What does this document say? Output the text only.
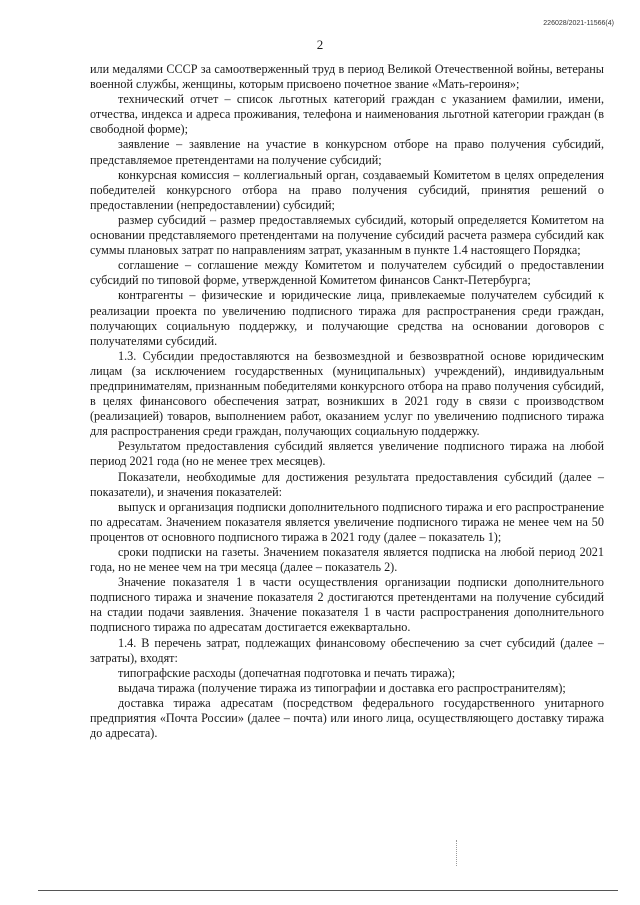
226028/2021-11566(4)
2

или медалями СССР за самоотверженный труд в период Великой Отечественной войны, ветераны военной службы, женщины, которым присвоено почетное звание «Мать-героиня»;

технический отчет – список льготных категорий граждан с указанием фамилии, имени, отчества, индекса и адреса проживания, телефона и наименования льготной категории граждан (в свободной форме);

заявление – заявление на участие в конкурсном отборе на право получения субсидий, представляемое претендентами на получение субсидий;

конкурсная комиссия – коллегиальный орган, создаваемый Комитетом в целях определения победителей конкурсного отбора на право получения субсидий, принятия решений о предоставлении (непредоставлении) субсидий;

размер субсидий – размер предоставляемых субсидий, который определяется Комитетом на основании представляемого претендентами на получение субсидий расчета размера субсидий как суммы плановых затрат по направлениям затрат, указанным в пункте 1.4 настоящего Порядка;

соглашение – соглашение между Комитетом и получателем субсидий о предоставлении субсидий по типовой форме, утвержденной Комитетом финансов Санкт-Петербурга;

контрагенты – физические и юридические лица, привлекаемые получателем субсидий к реализации проекта по увеличению подписного тиража для распространения среди граждан, получающих социальную поддержку, и получающие средства на основании договоров с получателями субсидий.

1.3. Субсидии предоставляются на безвозмездной и безвозвратной основе юридическим лицам (за исключением государственных (муниципальных) учреждений), индивидуальным предпринимателям, признанным победителями конкурсного отбора на право получения субсидий, в целях финансового обеспечения затрат, возникших в 2021 году в связи с производством (реализацией) товаров, выполнением работ, оказанием услуг по увеличению подписного тиража для распространения среди граждан, получающих социальную поддержку.

Результатом предоставления субсидий является увеличение подписного тиража на любой период 2021 года (но не менее трех месяцев).

Показатели, необходимые для достижения результата предоставления субсидий (далее – показатели), и значения показателей:

выпуск и организация подписки дополнительного подписного тиража и его распространение по адресатам. Значением показателя является увеличение подписного тиража не менее чем на 50 процентов от основного подписного тиража в 2021 году (далее – показатель 1);

сроки подписки на газеты. Значением показателя является подписка на любой период 2021 года, но не менее чем на три месяца (далее – показатель 2).

Значение показателя 1 в части осуществления организации подписки дополнительного подписного тиража и значение показателя 2 достигаются претендентами на получение субсидий на стадии подачи заявления. Значение показателя 1 в части распространения дополнительного подписного тиража по адресатам достигается ежеквартально.

1.4. В перечень затрат, подлежащих финансовому обеспечению за счет субсидий (далее – затраты), входят:

типографские расходы (допечатная подготовка и печать тиража);

выдача тиража (получение тиража из типографии и доставка его распространителям);

доставка тиража адресатам (посредством федерального государственного унитарного предприятия «Почта России» (далее – почта) или иного лица, осуществляющего доставку тиража до адресата).
